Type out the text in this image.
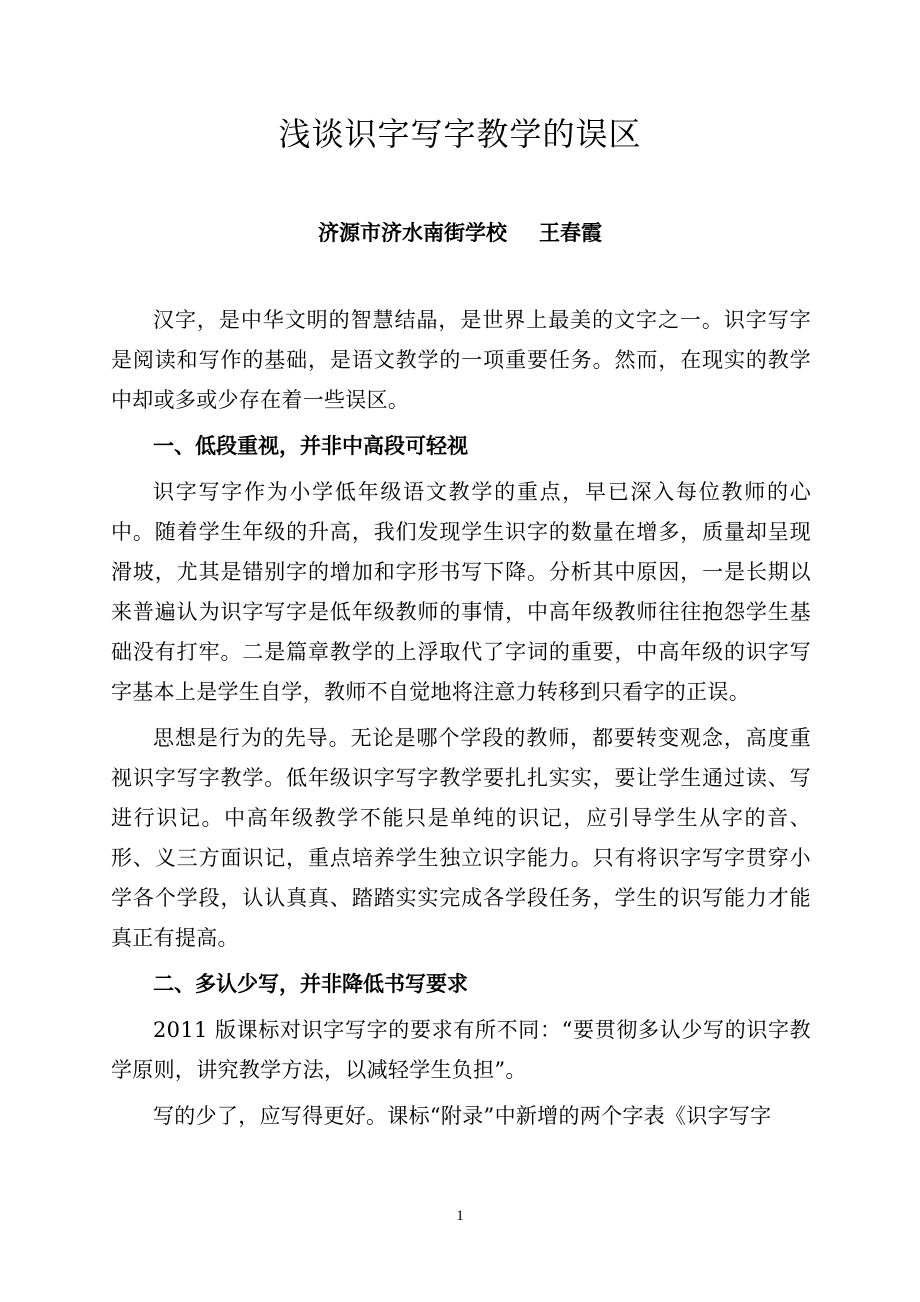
浅谈识字写字教学的误区
济源市济水南街学校 王春霞

汉字，是中华文明的智慧结晶，是世界上最美的文字之一。识字写字是阅读和写作的基础，是语文教学的一项重要任务。然而，在现实的教学中却或多或少存在着一些误区。

一、低段重视，并非中高段可轻视

识字写字作为小学低年级语文教学的重点，早已深入每位教师的心中。随着学生年级的升高，我们发现学生识字的数量在增多，质量却呈现滑坡，尤其是错别字的增加和字形书写下降。分析其中原因，一是长期以来普遍认为识字写字是低年级教师的事情，中高年级教师往往抱怨学生基础没有打牢。二是篇章教学的上浮取代了字词的重要，中高年级的识字写字基本上是学生自学，教师不自觉地将注意力转移到只看字的正误。

思想是行为的先导。无论是哪个学段的教师，都要转变观念，高度重视识字写字教学。低年级识字写字教学要扎扎实实，要让学生通过读、写进行识记。中高年级教学不能只是单纯的识记，应引导学生从字的音、形、义三方面识记，重点培养学生独立识字能力。只有将识字写字贯穿小学各个学段，认认真真、踏踏实实完成各学段任务，学生的识写能力才能真正有提高。

二、多认少写，并非降低书写要求

2011 版课标对识字写字的要求有所不同：“要贯彻多认少写的识字教学原则，讲究教学方法，以减轻学生负担”。

写的少了，应写得更好。课标“附录”中新增的两个字表《识字写字

1
